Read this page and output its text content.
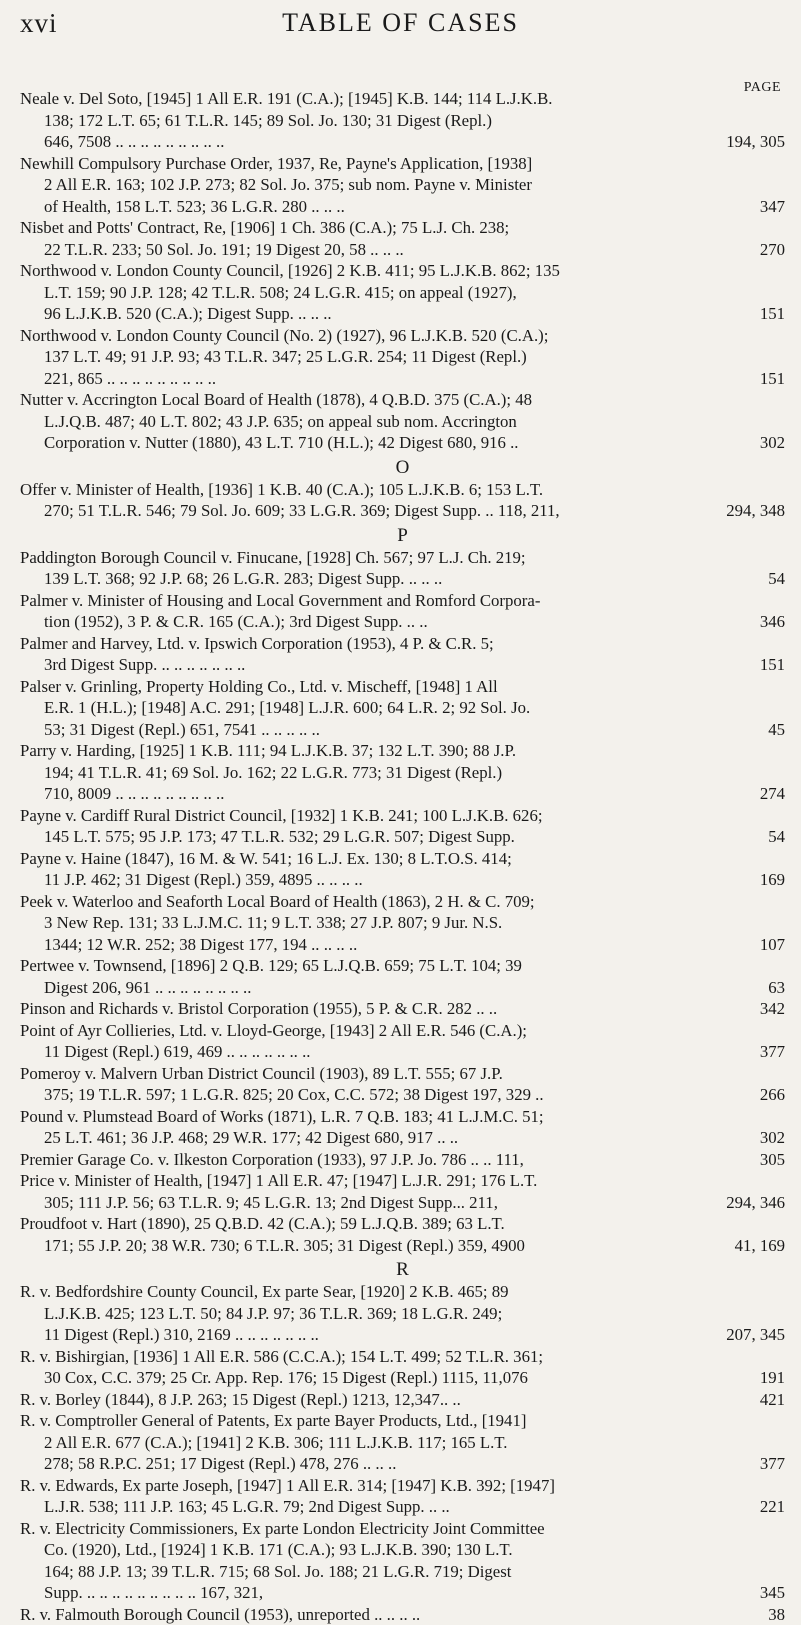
xvi	TABLE OF CASES
PAGE
Neale v. Del Soto, [1945] 1 All E.R. 191 (C.A.); [1945] K.B. 144; 114 L.J.K.B.
138; 172 L.T. 65; 61 T.L.R. 145; 89 Sol. Jo. 130; 31 Digest (Repl.)
646, 7508 .. .. .. .. .. .. .. .. ..	194, 305
Newhill Compulsory Purchase Order, 1937, Re, Payne's Application, [1938]
2 All E.R. 163; 102 J.P. 273; 82 Sol. Jo. 375; sub nom. Payne v. Minister
of Health, 158 L.T. 523; 36 L.G.R. 280 .. .. ..	347
Nisbet and Potts' Contract, Re, [1906] 1 Ch. 386 (C.A.); 75 L.J. Ch. 238;
22 T.L.R. 233; 50 Sol. Jo. 191; 19 Digest 20, 58 .. .. ..	270
Northwood v. London County Council, [1926] 2 K.B. 411; 95 L.J.K.B. 862; 135
L.T. 159; 90 J.P. 128; 42 T.L.R. 508; 24 L.G.R. 415; on appeal (1927),
96 L.J.K.B. 520 (C.A.); Digest Supp. .. .. ..	151
Northwood v. London County Council (No. 2) (1927), 96 L.J.K.B. 520 (C.A.);
137 L.T. 49; 91 J.P. 93; 43 T.L.R. 347; 25 L.G.R. 254; 11 Digest (Repl.)
221, 865 .. .. .. .. .. .. .. .. ..	151
Nutter v. Accrington Local Board of Health (1878), 4 Q.B.D. 375 (C.A.); 48
L.J.Q.B. 487; 40 L.T. 802; 43 J.P. 635; on appeal sub nom. Accrington
Corporation v. Nutter (1880), 43 L.T. 710 (H.L.); 42 Digest 680, 916 ..	302
O
Offer v. Minister of Health, [1936] 1 K.B. 40 (C.A.); 105 L.J.K.B. 6; 153 L.T.
270; 51 T.L.R. 546; 79 Sol. Jo. 609; 33 L.G.R. 369; Digest Supp. .. 118, 211,	294, 348
P
Paddington Borough Council v. Finucane, [1928] Ch. 567; 97 L.J. Ch. 219;
139 L.T. 368; 92 J.P. 68; 26 L.G.R. 283; Digest Supp. .. .. ..	54
Palmer v. Minister of Housing and Local Government and Romford Corpora-
tion (1952), 3 P. & C.R. 165 (C.A.); 3rd Digest Supp. .. ..	346
Palmer and Harvey, Ltd. v. Ipswich Corporation (1953), 4 P. & C.R. 5;
3rd Digest Supp. .. .. .. .. .. .. ..	151
Palser v. Grinling, Property Holding Co., Ltd. v. Mischeff, [1948] 1 All
E.R. 1 (H.L.); [1948] A.C. 291; [1948] L.J.R. 600; 64 L.R. 2; 92 Sol. Jo.
53; 31 Digest (Repl.) 651, 7541 .. .. .. .. ..	45
Parry v. Harding, [1925] 1 K.B. 111; 94 L.J.K.B. 37; 132 L.T. 390; 88 J.P.
194; 41 T.L.R. 41; 69 Sol. Jo. 162; 22 L.G.R. 773; 31 Digest (Repl.)
710, 8009 .. .. .. .. .. .. .. .. ..	274
Payne v. Cardiff Rural District Council, [1932] 1 K.B. 241; 100 L.J.K.B. 626;
145 L.T. 575; 95 J.P. 173; 47 T.L.R. 532; 29 L.G.R. 507; Digest Supp.	54
Payne v. Haine (1847), 16 M. & W. 541; 16 L.J. Ex. 130; 8 L.T.O.S. 414;
11 J.P. 462; 31 Digest (Repl.) 359, 4895 .. .. .. ..	169
Peek v. Waterloo and Seaforth Local Board of Health (1863), 2 H. & C. 709;
3 New Rep. 131; 33 L.J.M.C. 11; 9 L.T. 338; 27 J.P. 807; 9 Jur. N.S.
1344; 12 W.R. 252; 38 Digest 177, 194 .. .. .. ..	107
Pertwee v. Townsend, [1896] 2 Q.B. 129; 65 L.J.Q.B. 659; 75 L.T. 104; 39
Digest 206, 961 .. .. .. .. .. .. .. ..	63
Pinson and Richards v. Bristol Corporation (1955), 5 P. & C.R. 282 .. ..	342
Point of Ayr Collieries, Ltd. v. Lloyd-George, [1943] 2 All E.R. 546 (C.A.);
11 Digest (Repl.) 619, 469 .. .. .. .. .. .. ..	377
Pomeroy v. Malvern Urban District Council (1903), 89 L.T. 555; 67 J.P.
375; 19 T.L.R. 597; 1 L.G.R. 825; 20 Cox, C.C. 572; 38 Digest 197, 329 ..	266
Pound v. Plumstead Board of Works (1871), L.R. 7 Q.B. 183; 41 L.J.M.C. 51;
25 L.T. 461; 36 J.P. 468; 29 W.R. 177; 42 Digest 680, 917 .. ..	302
Premier Garage Co. v. Ilkeston Corporation (1933), 97 J.P. Jo. 786 .. .. 111,	305
Price v. Minister of Health, [1947] 1 All E.R. 47; [1947] L.J.R. 291; 176 L.T.
305; 111 J.P. 56; 63 T.L.R. 9; 45 L.G.R. 13; 2nd Digest Supp... 211,	294, 346
Proudfoot v. Hart (1890), 25 Q.B.D. 42 (C.A.); 59 L.J.Q.B. 389; 63 L.T.
171; 55 J.P. 20; 38 W.R. 730; 6 T.L.R. 305; 31 Digest (Repl.) 359, 4900	41, 169
R
R. v. Bedfordshire County Council, Ex parte Sear, [1920] 2 K.B. 465; 89
L.J.K.B. 425; 123 L.T. 50; 84 J.P. 97; 36 T.L.R. 369; 18 L.G.R. 249;
11 Digest (Repl.) 310, 2169 .. .. .. .. .. .. ..	207, 345
R. v. Bishirgian, [1936] 1 All E.R. 586 (C.C.A.); 154 L.T. 499; 52 T.L.R. 361;
30 Cox, C.C. 379; 25 Cr. App. Rep. 176; 15 Digest (Repl.) 1115, 11,076	191
R. v. Borley (1844), 8 J.P. 263; 15 Digest (Repl.) 1213, 12,347.. ..	421
R. v. Comptroller General of Patents, Ex parte Bayer Products, Ltd., [1941]
2 All E.R. 677 (C.A.); [1941] 2 K.B. 306; 111 L.J.K.B. 117; 165 L.T.
278; 58 R.P.C. 251; 17 Digest (Repl.) 478, 276 .. .. ..	377
R. v. Edwards, Ex parte Joseph, [1947] 1 All E.R. 314; [1947] K.B. 392; [1947]
L.J.R. 538; 111 J.P. 163; 45 L.G.R. 79; 2nd Digest Supp. .. ..	221
R. v. Electricity Commissioners, Ex parte London Electricity Joint Committee
Co. (1920), Ltd., [1924] 1 K.B. 171 (C.A.); 93 L.J.K.B. 390; 130 L.T.
164; 88 J.P. 13; 39 T.L.R. 715; 68 Sol. Jo. 188; 21 L.G.R. 719; Digest
Supp. .. .. .. .. .. .. .. .. .. 167, 321,	345
R. v. Falmouth Borough Council (1953), unreported .. .. .. ..	38
